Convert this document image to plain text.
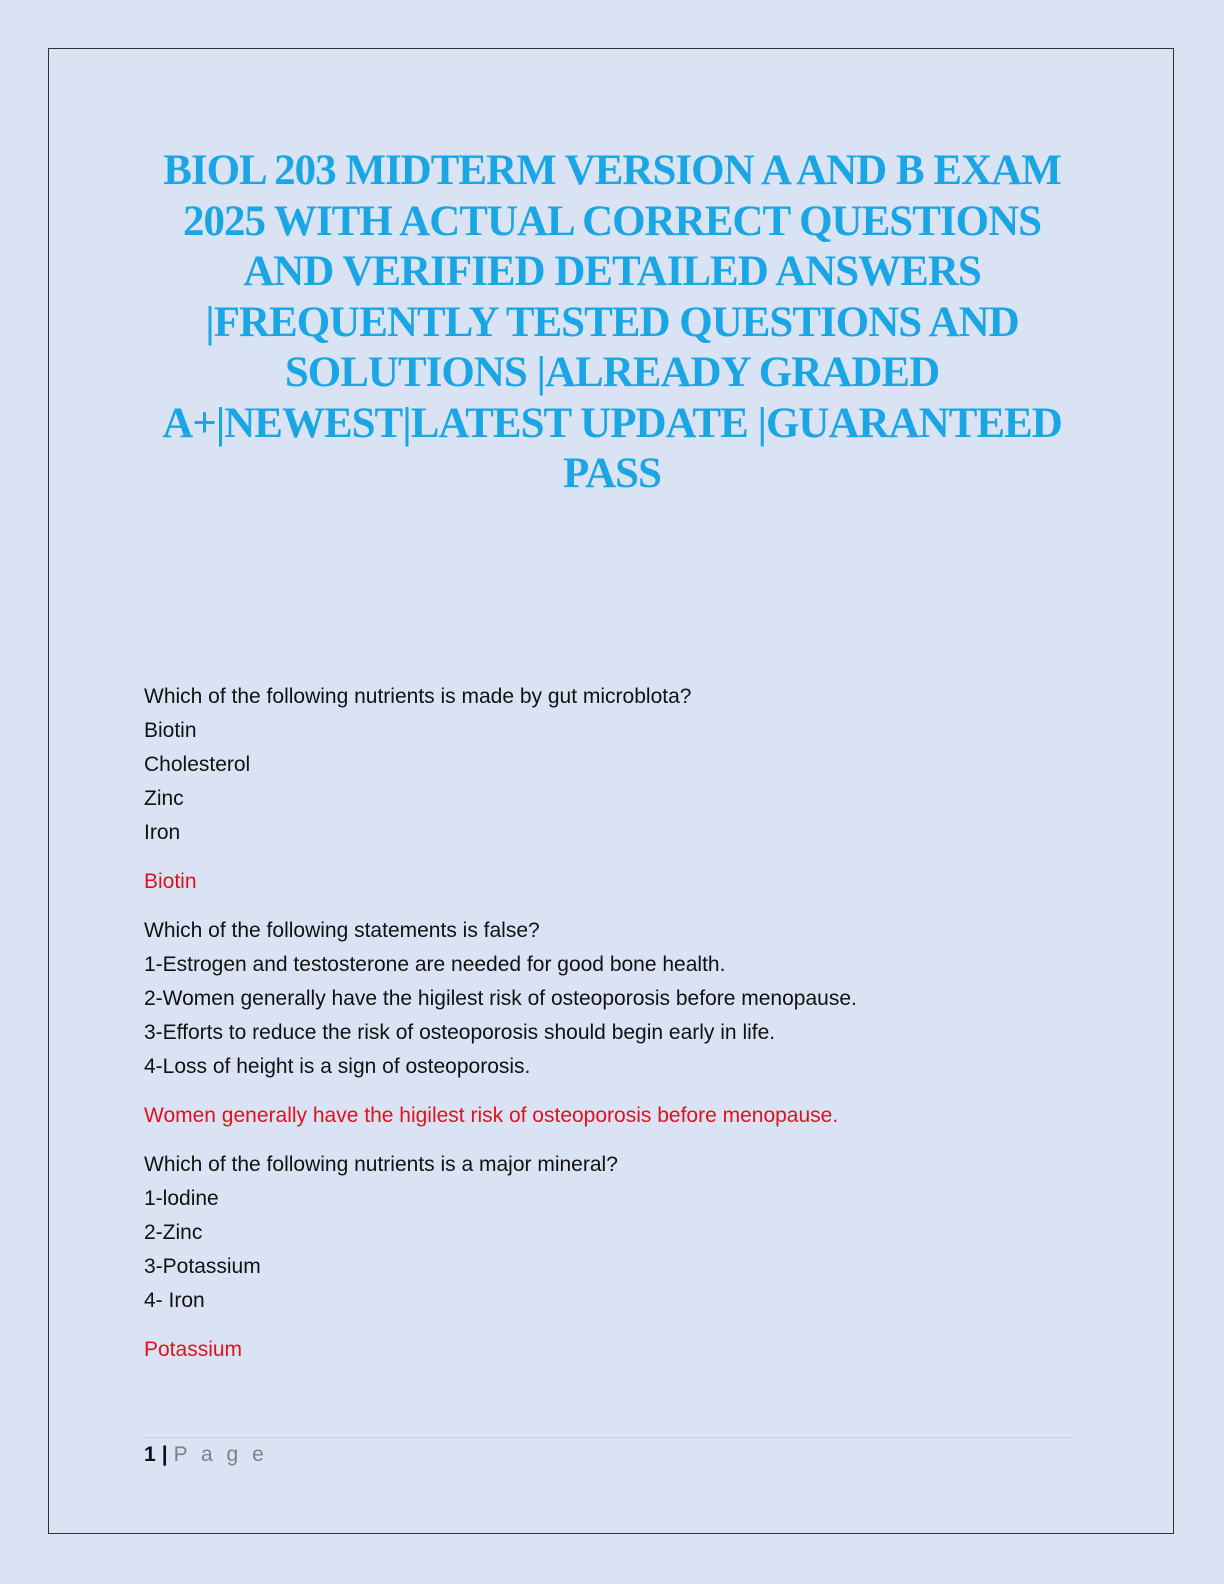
BIOL 203 MIDTERM VERSION A AND B EXAM
2025 WITH ACTUAL CORRECT QUESTIONS
AND VERIFIED DETAILED ANSWERS
|FREQUENTLY TESTED QUESTIONS AND
SOLUTIONS |ALREADY GRADED
A+|NEWEST|LATEST UPDATE |GUARANTEED
PASS
Which of the following nutrients is made by gut microblota?
Biotin
Cholesterol
Zinc
Iron
Biotin
Which of the following statements is false?
1-Estrogen and testosterone are needed for good bone health.
2-Women generally have the higilest risk of osteoporosis before menopause.
3-Efforts to reduce the risk of osteoporosis should begin early in life.
4-Loss of height is a sign of osteoporosis.
Women generally have the higilest risk of osteoporosis before menopause.
Which of the following nutrients is a major mineral?
1-lodine
2-Zinc
3-Potassium
4- Iron
Potassium
1 | P a g e
